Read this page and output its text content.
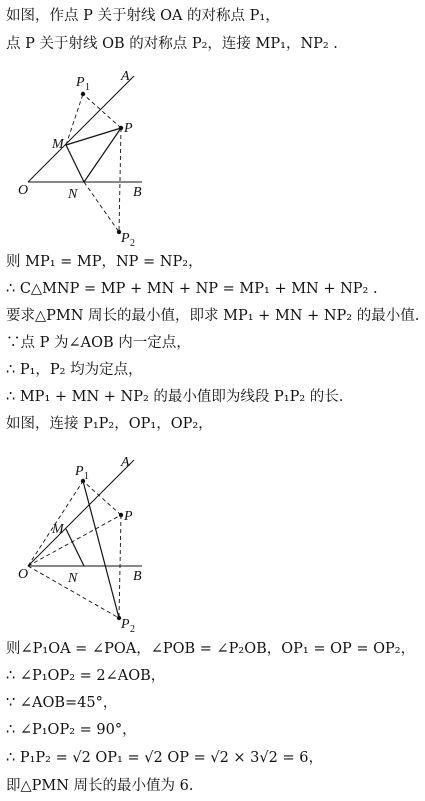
如图，作点 P 关于射线 OA 的对称点 P₁，
点 P 关于射线 OB 的对称点 P₂，连接 MP₁，NP₂ .
A
P 1
M
P
O	N	B
P 2
则 MP₁ = MP，NP = NP₂，
∴ C△MNP = MP + MN + NP = MP₁ + MN + NP₂ .
要求△PMN 周长的最小值，即求 MP₁ + MN + NP₂ 的最小值.
∵点 P 为∠AOB 内一定点，
∴ P₁，P₂ 均为定点，
∴ MP₁ + MN + NP₂ 的最小值即为线段 P₁P₂ 的长.
如图，连接 P₁P₂，OP₁，OP₂，
A
P 1
M
P
O	N	B
P 2
则∠P₁OA = ∠POA，∠POB = ∠P₂OB，OP₁ = OP = OP₂，
∴ ∠P₁OP₂ = 2∠AOB，
∵ ∠AOB=45°，
∴ ∠P₁OP₂ = 90°，
∴ P₁P₂ = √2 OP₁ = √2 OP = √2 × 3√2 = 6，
即△PMN 周长的最小值为 6.
